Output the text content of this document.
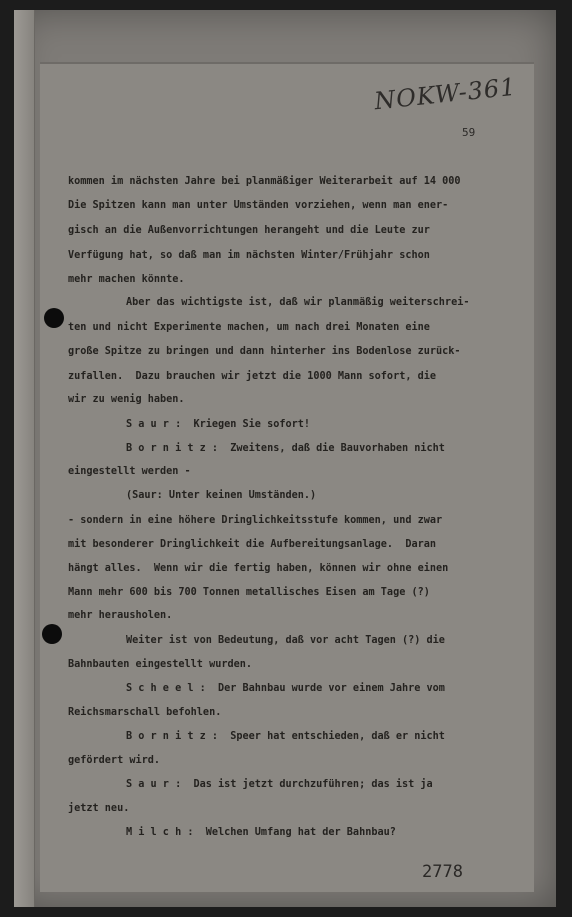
NOKW-361
59
kommen im nächsten Jahre bei planmäßiger Weiterarbeit auf 14 000
Die Spitzen kann man unter Umständen vorziehen, wenn man ener-
gisch an die Außenvorrichtungen herangeht und die Leute zur
Verfügung hat, so daß man im nächsten Winter/Frühjahr schon
mehr machen könnte.
Aber das wichtigste ist, daß wir planmäßig weiterschrei-
ten und nicht Experimente machen, um nach drei Monaten eine
große Spitze zu bringen und dann hinterher ins Bodenlose zurück-
zufallen.  Dazu brauchen wir jetzt die 1000 Mann sofort, die
wir zu wenig haben.
S a u r :  Kriegen Sie sofort!
B o r n i t z :  Zweitens, daß die Bauvorhaben nicht
eingestellt werden -
(Saur: Unter keinen Umständen.)
- sondern in eine höhere Dringlichkeitsstufe kommen, und zwar
mit besonderer Dringlichkeit die Aufbereitungsanlage.  Daran
hängt alles.  Wenn wir die fertig haben, können wir ohne einen
Mann mehr 600 bis 700 Tonnen metallisches Eisen am Tage (?)
mehr herausholen.
Weiter ist von Bedeutung, daß vor acht Tagen (?) die
Bahnbauten eingestellt wurden.
S c h e e l :  Der Bahnbau wurde vor einem Jahre vom
Reichsmarschall befohlen.
B o r n i t z :  Speer hat entschieden, daß er nicht
gefördert wird.
S a u r :  Das ist jetzt durchzuführen; das ist ja
jetzt neu.
M i l c h :  Welchen Umfang hat der Bahnbau?
2778
